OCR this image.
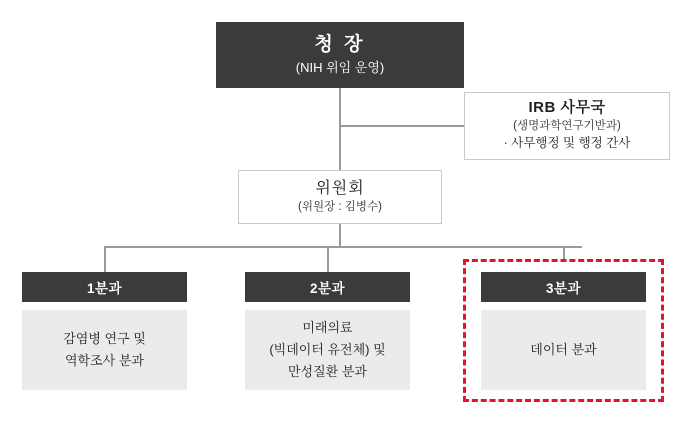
청 장
(NIH 위임 운영)
IRB 사무국
(생명과학연구기반과)
· 사무행정 및 행정 간사
위원회
(위원장 : 김병수)
1분과
감염병 연구 및
역학조사 분과
2분과
미래의료
(빅데이터 유전체) 및
만성질환 분과
3분과
데이터 분과
